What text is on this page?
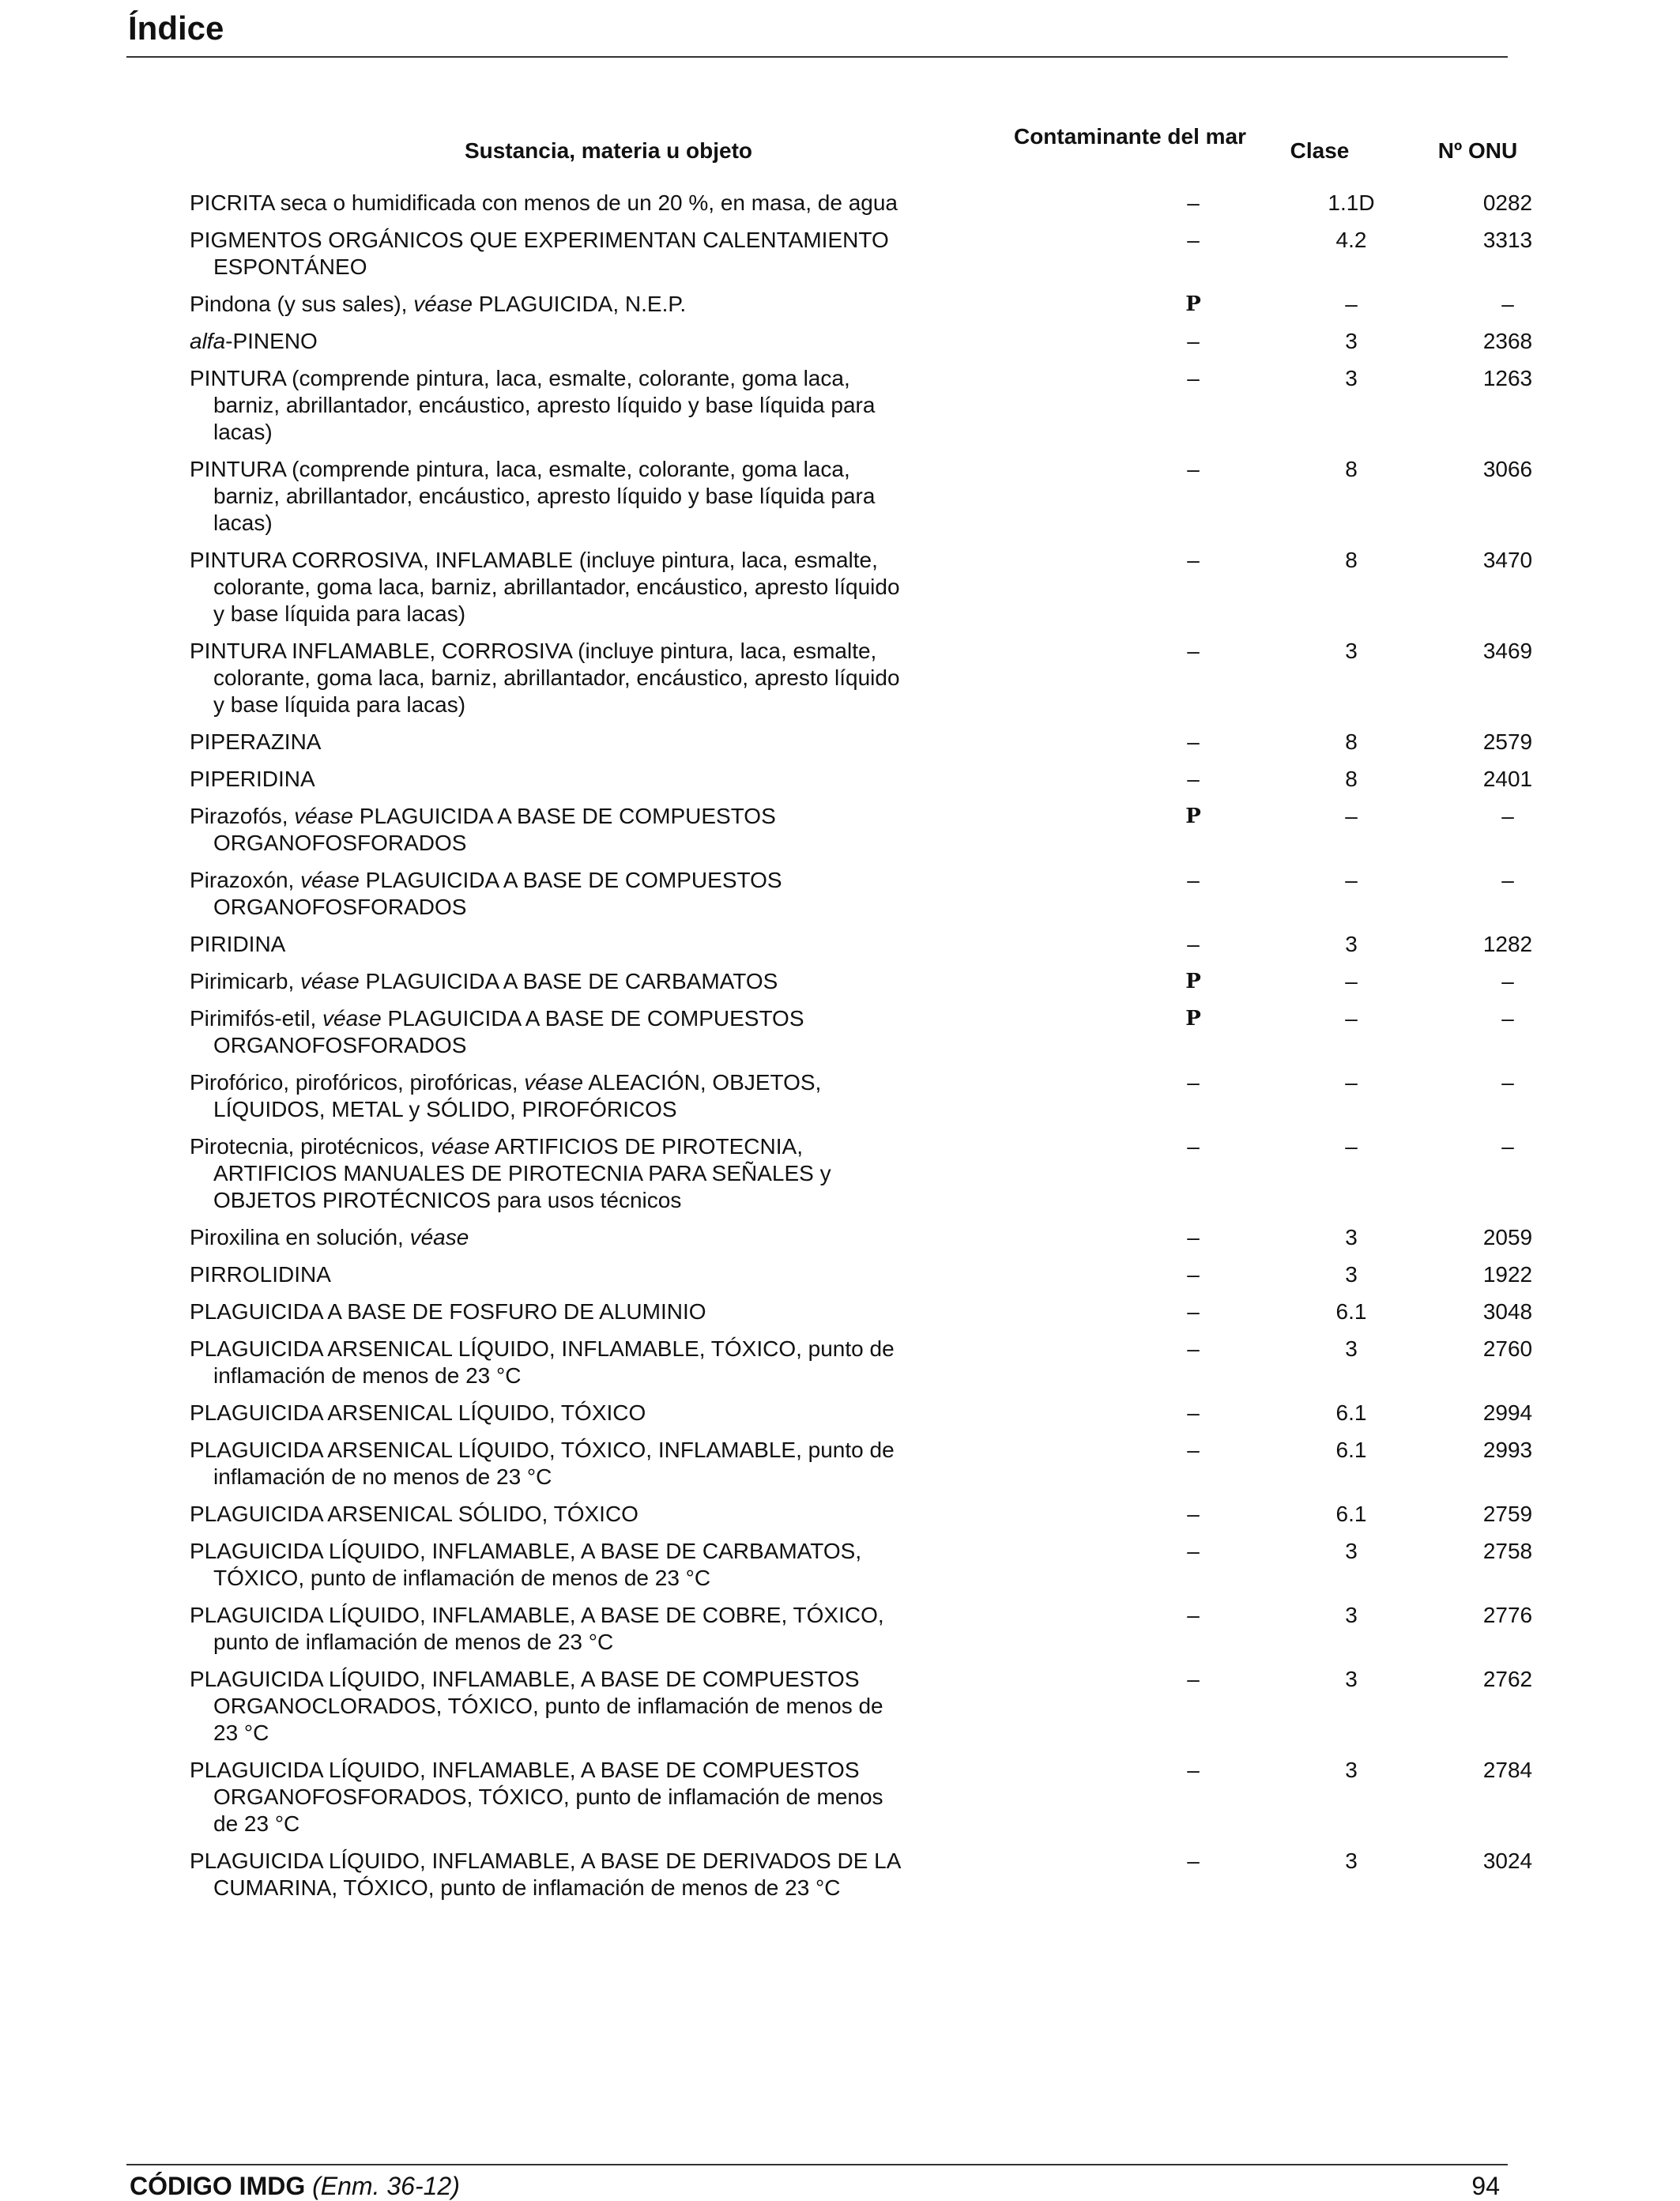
Índice
Sustancia, materia u objeto
Contaminante del mar
Clase	Nº ONU
PICRITA seca o humidificada con menos de un 20 %, en masa, de agua	–	1.1D	0282
PIGMENTOS ORGÁNICOS QUE EXPERIMENTAN CALENTAMIENTO ESPONTÁNEO
–	4.2	3313
Pindona (y sus sales), véase PLAGUICIDA, N.E.P.	P	–	–
alfa-PINENO	–	3	2368
PINTURA (comprende pintura, laca, esmalte, colorante, goma laca, barniz, abrillantador, encáustico, apresto líquido y base líquida para lacas)
–	3	1263
PINTURA (comprende pintura, laca, esmalte, colorante, goma laca, barniz, abrillantador, encáustico, apresto líquido y base líquida para lacas)
–	8	3066
PINTURA CORROSIVA, INFLAMABLE (incluye pintura, laca, esmalte, colorante, goma laca, barniz, abrillantador, encáustico, apresto líquido y base líquida para lacas)
–	8	3470
PINTURA INFLAMABLE, CORROSIVA (incluye pintura, laca, esmalte, colorante, goma laca, barniz, abrillantador, encáustico, apresto líquido y base líquida para lacas)
–	3	3469
PIPERAZINA	–	8	2579
PIPERIDINA	–	8	2401
Pirazofós, véase PLAGUICIDA A BASE DE COMPUESTOS ORGANOFOSFORADOS
P	–	–
Pirazoxón, véase PLAGUICIDA A BASE DE COMPUESTOS ORGANOFOSFORADOS
–	–	–
PIRIDINA	–	3	1282
Pirimicarb, véase PLAGUICIDA A BASE DE CARBAMATOS	P	–	–
Pirimifós-etil, véase PLAGUICIDA A BASE DE COMPUESTOS ORGANOFOSFORADOS
P	–	–
Pirofórico, pirofóricos, pirofóricas, véase ALEACIÓN, OBJETOS, LÍQUIDOS, METAL y SÓLIDO, PIROFÓRICOS
–	–	–
Pirotecnia, pirotécnicos, véase ARTIFICIOS DE PIROTECNIA, ARTIFICIOS MANUALES DE PIROTECNIA PARA SEÑALES y OBJETOS PIROTÉCNICOS para usos técnicos
–	–	–
Piroxilina en solución, véase	–	3	2059
PIRROLIDINA	–	3	1922
PLAGUICIDA A BASE DE FOSFURO DE ALUMINIO	–	6.1	3048
PLAGUICIDA ARSENICAL LÍQUIDO, INFLAMABLE, TÓXICO, punto de inflamación de menos de 23 °C
–	3	2760
PLAGUICIDA ARSENICAL LÍQUIDO, TÓXICO	–	6.1	2994
PLAGUICIDA ARSENICAL LÍQUIDO, TÓXICO, INFLAMABLE, punto de inflamación de no menos de 23 °C
–	6.1	2993
PLAGUICIDA ARSENICAL SÓLIDO, TÓXICO	–	6.1	2759
PLAGUICIDA LÍQUIDO, INFLAMABLE, A BASE DE CARBAMATOS, TÓXICO, punto de inflamación de menos de 23 °C
–	3	2758
PLAGUICIDA LÍQUIDO, INFLAMABLE, A BASE DE COBRE, TÓXICO, punto de inflamación de menos de 23 °C
–	3	2776
PLAGUICIDA LÍQUIDO, INFLAMABLE, A BASE DE COMPUESTOS ORGANOCLORADOS, TÓXICO, punto de inflamación de menos de 23 °C
–	3	2762
PLAGUICIDA LÍQUIDO, INFLAMABLE, A BASE DE COMPUESTOS ORGANOFOSFORADOS, TÓXICO, punto de inflamación de menos de 23 °C
–	3	2784
PLAGUICIDA LÍQUIDO, INFLAMABLE, A BASE DE DERIVADOS DE LA CUMARINA, TÓXICO, punto de inflamación de menos de 23 °C
–	3	3024
CÓDIGO IMDG (Enm. 36-12)	94
